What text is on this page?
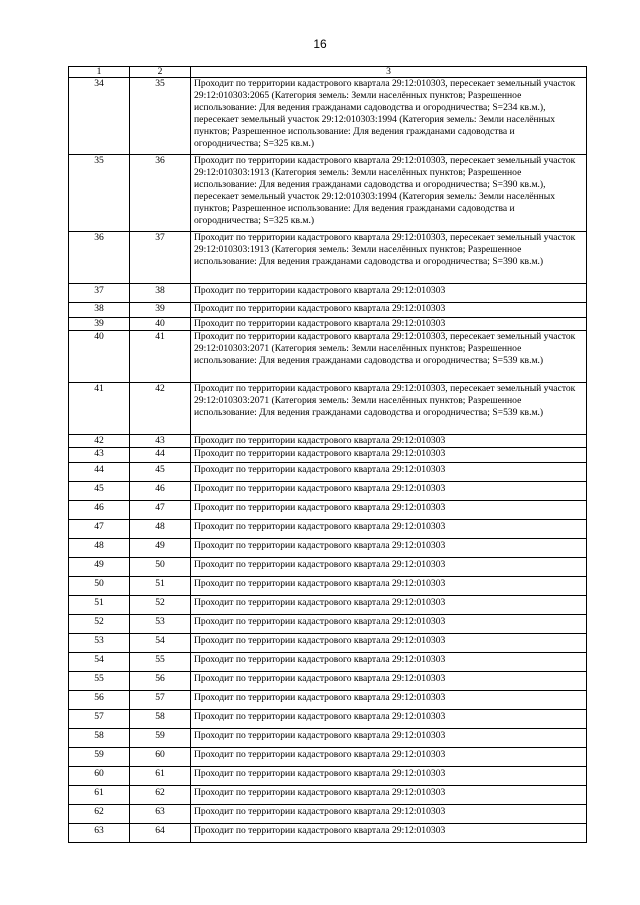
16
1	2	3
34	35	Проходит по территории кадастрового квартала 29:12:010303, пересекает земельный участок 29:12:010303:2065 (Категория земель: Земли населённых пунктов; Разрешенное использование: Для ведения гражданами садоводства и огородничества; S=234 кв.м.), пересекает земельный участок 29:12:010303:1994 (Категория земель: Земли населённых пунктов; Разрешенное использование: Для ведения гражданами садоводства и огородничества; S=325 кв.м.)
35	36	Проходит по территории кадастрового квартала 29:12:010303, пересекает земельный участок 29:12:010303:1913 (Категория земель: Земли населённых пунктов; Разрешенное использование: Для ведения гражданами садоводства и огородничества; S=390 кв.м.), пересекает земельный участок 29:12:010303:1994 (Категория земель: Земли населённых пунктов; Разрешенное использование: Для ведения гражданами садоводства и огородничества; S=325 кв.м.)
36	37	Проходит по территории кадастрового квартала 29:12:010303, пересекает земельный участок 29:12:010303:1913 (Категория земель: Земли населённых пунктов; Разрешенное использование: Для ведения гражданами садоводства и огородничества; S=390 кв.м.)
37	38	Проходит по территории кадастрового квартала 29:12:010303
38	39	Проходит по территории кадастрового квартала 29:12:010303
39	40	Проходит по территории кадастрового квартала 29:12:010303
40	41	Проходит по территории кадастрового квартала 29:12:010303, пересекает земельный участок 29:12:010303:2071 (Категория земель: Земли населённых пунктов; Разрешенное использование: Для ведения гражданами садоводства и огородничества; S=539 кв.м.)
41	42	Проходит по территории кадастрового квартала 29:12:010303, пересекает земельный участок 29:12:010303:2071 (Категория земель: Земли населённых пунктов; Разрешенное использование: Для ведения гражданами садоводства и огородничества; S=539 кв.м.)
42	43	Проходит по территории кадастрового квартала 29:12:010303
43	44	Проходит по территории кадастрового квартала 29:12:010303
44	45	Проходит по территории кадастрового квартала 29:12:010303
45	46	Проходит по территории кадастрового квартала 29:12:010303
46	47	Проходит по территории кадастрового квартала 29:12:010303
47	48	Проходит по территории кадастрового квартала 29:12:010303
48	49	Проходит по территории кадастрового квартала 29:12:010303
49	50	Проходит по территории кадастрового квартала 29:12:010303
50	51	Проходит по территории кадастрового квартала 29:12:010303
51	52	Проходит по территории кадастрового квартала 29:12:010303
52	53	Проходит по территории кадастрового квартала 29:12:010303
53	54	Проходит по территории кадастрового квартала 29:12:010303
54	55	Проходит по территории кадастрового квартала 29:12:010303
55	56	Проходит по территории кадастрового квартала 29:12:010303
56	57	Проходит по территории кадастрового квартала 29:12:010303
57	58	Проходит по территории кадастрового квартала 29:12:010303
58	59	Проходит по территории кадастрового квартала 29:12:010303
59	60	Проходит по территории кадастрового квартала 29:12:010303
60	61	Проходит по территории кадастрового квартала 29:12:010303
61	62	Проходит по территории кадастрового квартала 29:12:010303
62	63	Проходит по территории кадастрового квартала 29:12:010303
63	64	Проходит по территории кадастрового квартала 29:12:010303
